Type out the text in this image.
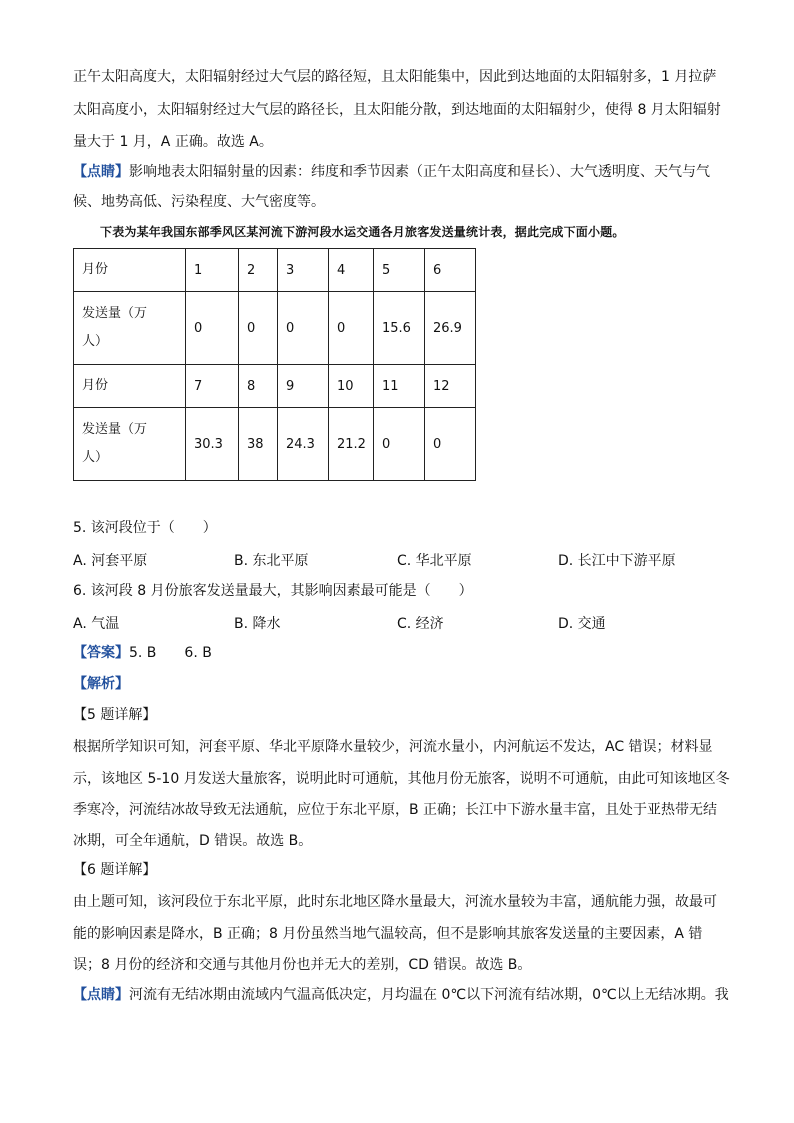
正午太阳高度大，太阳辐射经过大气层的路径短，且太阳能集中，因此到达地面的太阳辐射多，1 月拉萨
太阳高度小，太阳辐射经过大气层的路径长，且太阳能分散，到达地面的太阳辐射少，使得 8 月太阳辐射
量大于 1 月，A 正确。故选 A。
【点睛】影响地表太阳辐射量的因素：纬度和季节因素（正午太阳高度和昼长）、大气透明度、天气与气
候、地势高低、污染程度、大气密度等。
下表为某年我国东部季风区某河流下游河段水运交通各月旅客发送量统计表，据此完成下面小题。
月份	1	2	3	4	5	6
发送量（万
人）	0	0	0	0	15.6	26.9
月份	7	8	9	10	11	12
发送量（万
人）	30.3	38	24.3	21.2	0	0
5. 该河段位于（　　）
A. 河套平原	B. 东北平原	C. 华北平原	D. 长江中下游平原
6. 该河段 8 月份旅客发送量最大，其影响因素最可能是（　　）
A. 气温	B. 降水	C. 经济	D. 交通
【答案】5. B　　6. B
【解析】
【5 题详解】
根据所学知识可知，河套平原、华北平原降水量较少，河流水量小，内河航运不发达，AC 错误；材料显
示，该地区 5-10 月发送大量旅客，说明此时可通航，其他月份无旅客，说明不可通航，由此可知该地区冬
季寒冷，河流结冰故导致无法通航，应位于东北平原，B 正确；长江中下游水量丰富，且处于亚热带无结
冰期，可全年通航，D 错误。故选 B。
【6 题详解】
由上题可知，该河段位于东北平原，此时东北地区降水量最大，河流水量较为丰富，通航能力强，故最可
能的影响因素是降水，B 正确；8 月份虽然当地气温较高，但不是影响其旅客发送量的主要因素，A 错
误；8 月份的经济和交通与其他月份也并无大的差别，CD 错误。故选 B。
【点睛】河流有无结冰期由流域内气温高低决定，月均温在 0℃以下河流有结冰期，0℃以上无结冰期。我
